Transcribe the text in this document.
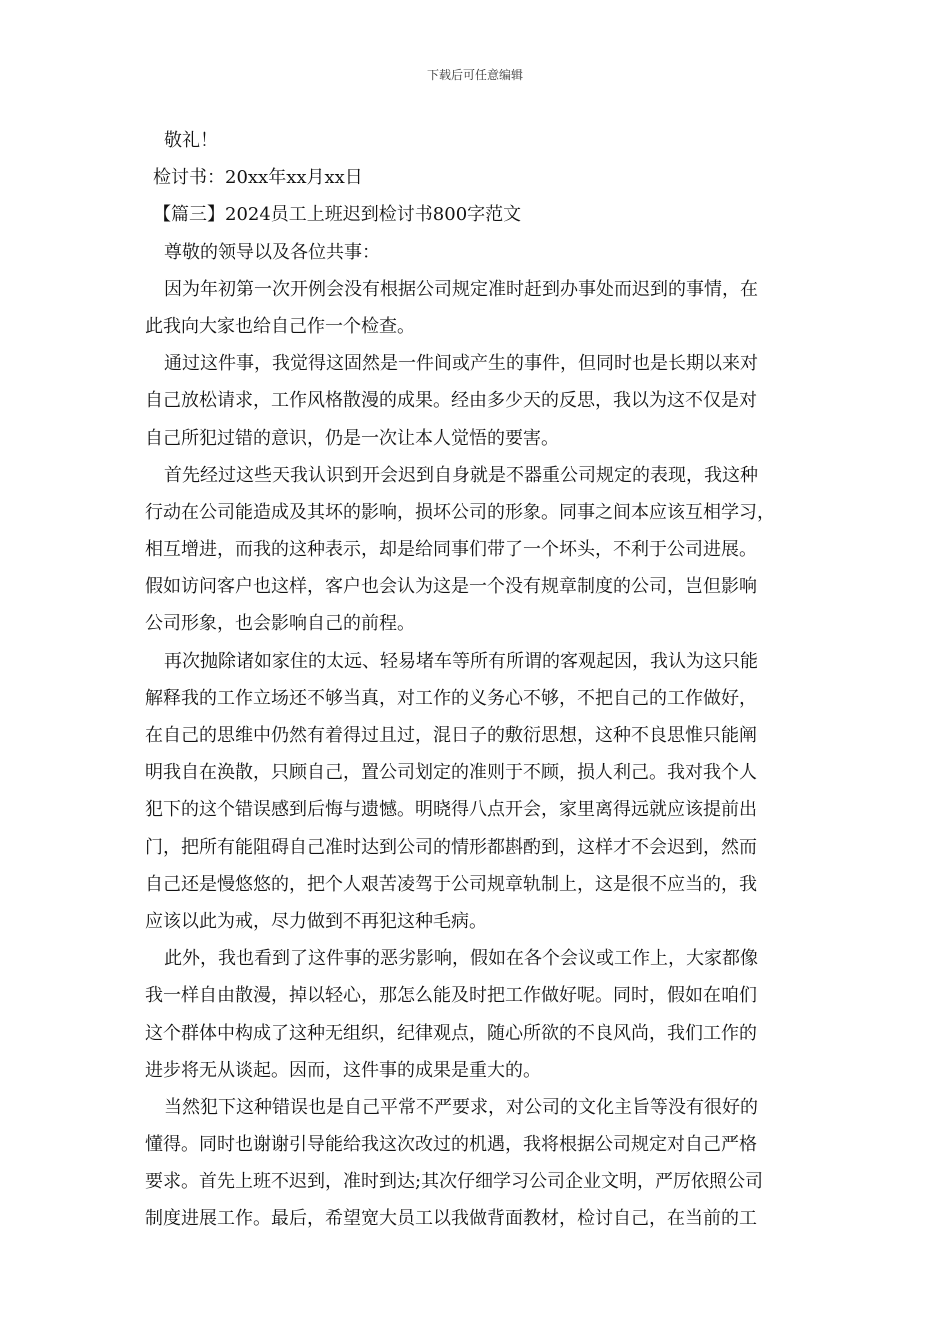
下载后可任意编辑
敬礼！
检讨书：20xx年xx月xx日
【篇三】2024员工上班迟到检讨书800字范文
尊敬的领导以及各位共事：
因为年初第一次开例会没有根据公司规定准时赶到办事处而迟到的事情，在
此我向大家也给自己作一个检查。
通过这件事，我觉得这固然是一件间或产生的事件，但同时也是长期以来对
自己放松请求，工作风格散漫的成果。经由多少天的反思，我以为这不仅是对
自己所犯过错的意识，仍是一次让本人觉悟的要害。
首先经过这些天我认识到开会迟到自身就是不器重公司规定的表现，我这种
行动在公司能造成及其坏的影响，损坏公司的形象。同事之间本应该互相学习，
相互增进，而我的这种表示，却是给同事们带了一个坏头，不利于公司进展。
假如访问客户也这样，客户也会认为这是一个没有规章制度的公司，岂但影响
公司形象，也会影响自己的前程。
再次抛除诸如家住的太远、轻易堵车等所有所谓的客观起因，我认为这只能
解释我的工作立场还不够当真，对工作的义务心不够，不把自己的工作做好，
在自己的思维中仍然有着得过且过，混日子的敷衍思想，这种不良思惟只能阐
明我自在涣散，只顾自己，置公司划定的准则于不顾，损人利己。我对我个人
犯下的这个错误感到后悔与遗憾。明晓得八点开会，家里离得远就应该提前出
门，把所有能阻碍自己准时达到公司的情形都斟酌到，这样才不会迟到，然而
自己还是慢悠悠的，把个人艰苦凌驾于公司规章轨制上，这是很不应当的，我
应该以此为戒，尽力做到不再犯这种毛病。
此外，我也看到了这件事的恶劣影响，假如在各个会议或工作上，大家都像
我一样自由散漫，掉以轻心，那怎么能及时把工作做好呢。同时，假如在咱们
这个群体中构成了这种无组织，纪律观点，随心所欲的不良风尚，我们工作的
进步将无从谈起。因而，这件事的成果是重大的。
当然犯下这种错误也是自己平常不严要求，对公司的文化主旨等没有很好的
懂得。同时也谢谢引导能给我这次改过的机遇，我将根据公司规定对自己严格
要求。首先上班不迟到，准时到达;其次仔细学习公司企业文明，严厉依照公司
制度进展工作。最后，希望宽大员工以我做背面教材，检讨自己，在当前的工
